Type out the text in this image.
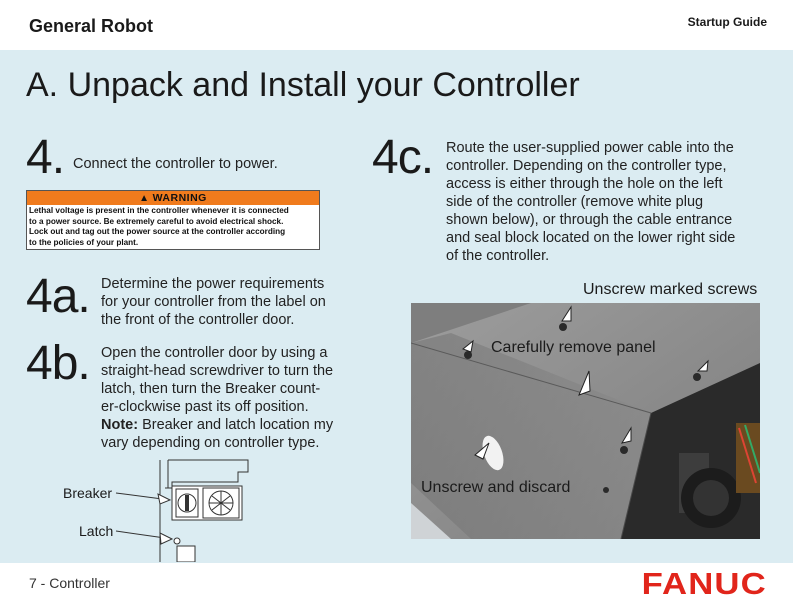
General Robot	Startup Guide
A. Unpack and Install your Controller
4. Connect the controller to power.
▲ WARNING
Lethal voltage is present in the controller whenever it is connected
to a power source. Be extremely careful to avoid electrical shock.
Lock out and tag out the power source at the controller according
to the policies of your plant.
4a. Determine the power requirements
for your controller from the label on
the front of the controller door.
4b. Open the controller door by using a
straight-head screwdriver to turn the
latch, then turn the Breaker count-
er-clockwise past its off position.
Note: Breaker and latch location my
vary depending on controller type.
4c. Route the user-supplied power cable into the
controller. Depending on the controller type,
access is either through the hole on the left
side of the controller (remove white plug
shown below), or through the cable entrance
and seal block located on the lower right side
of the controller.
Unscrew marked screws
Carefully remove panel
Unscrew and discard
Breaker
Latch
7 - Controller	FANUC
